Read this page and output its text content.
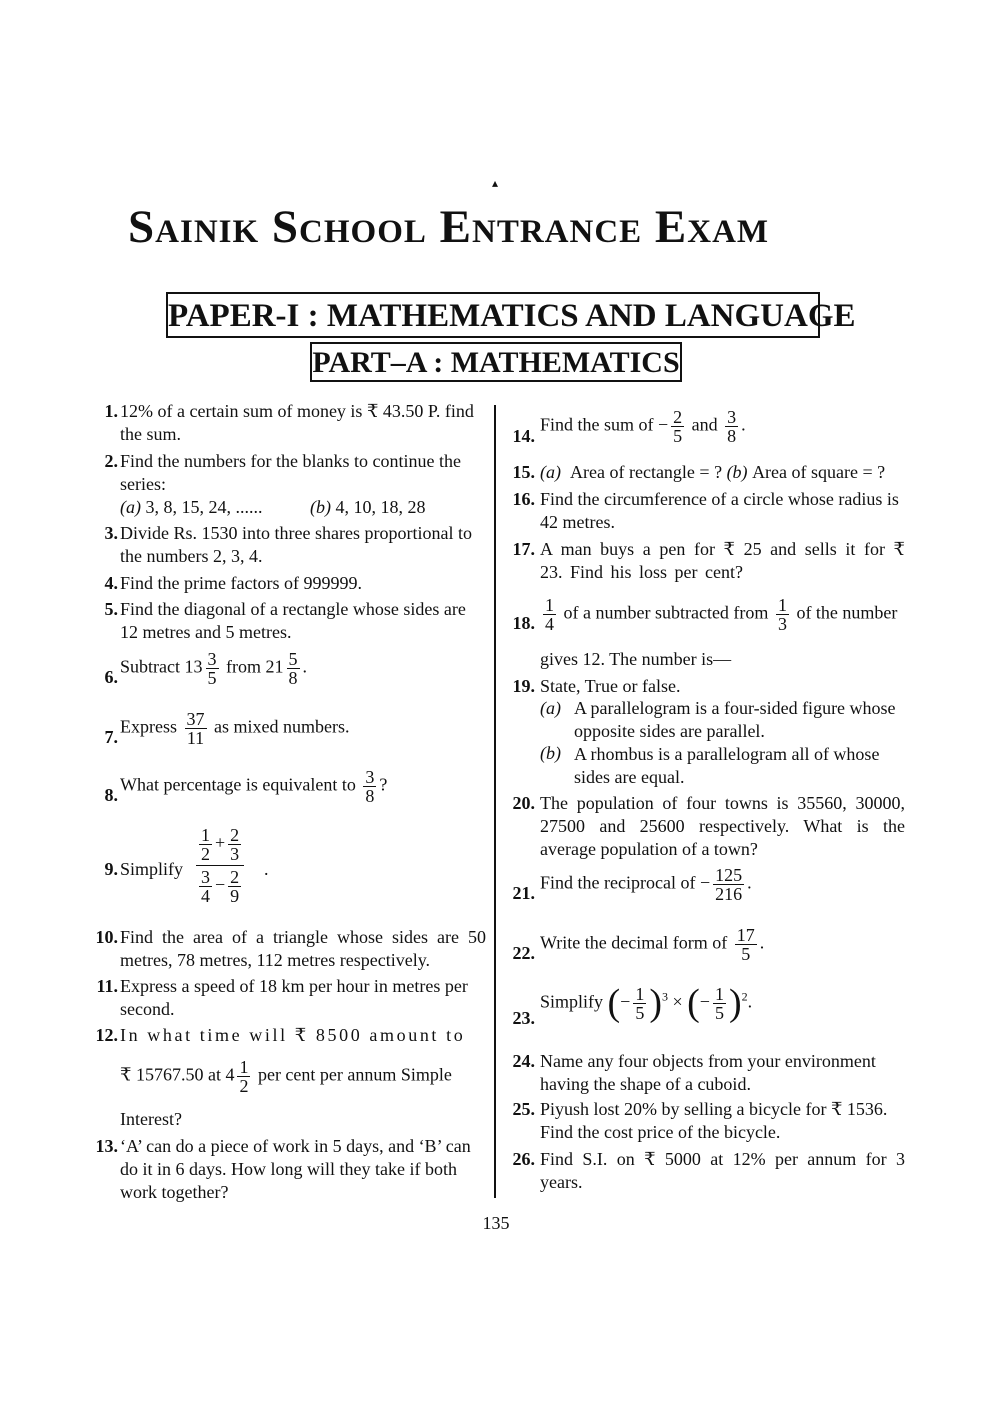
▴
Sainik School Entrance Exam
PAPER-I : MATHEMATICS AND LANGUAGE
PART–A : MATHEMATICS
1. 12% of a certain sum of money is ₹ 43.50 P. find the sum.
2. Find the numbers for the blanks to continue the series:
(a) 3, 8, 15, 24, ......	(b) 4, 10, 18, 28
3. Divide Rs. 1530 into three shares proportional to the numbers 2, 3, 4.
4. Find the prime factors of 999999.
5. Find the diagonal of a rectangle whose sides are 12 metres and 5 metres.
6.
Subtract $13 \frac{3}{5}$ from $21 \frac{5}{8}$ .
7.
Express $\frac{37}{11}$ as mixed numbers.
8.
What percentage is equivalent to $\frac{3}{8}$ ?
9. Simplify
$\frac{1}{2} + \frac{2}{3}$
$\frac{3}{4} - \frac{2}{9}$ .
10. Find the area of a triangle whose sides are 50 metres, 78 metres, 112 metres respectively.
11. Express a speed of 18 km per hour in metres per second.
12. In what time will ₹ 8500 amount to
₹ 15767.50 at $4 \frac{1}{2}$ per cent per annum Simple
Interest?
13. ‘A’ can do a piece of work in 5 days, and ‘B’ can do it in 6 days. How long will they take if both work together?
14.
Find the sum of − $\frac{2}{5}$ and $\frac{3}{8}$ .
15. (a) Area of rectangle = ? (b) Area of square = ?
16. Find the circumference of a circle whose radius is 42 metres.
17. A man buys a pen for ₹ 25 and sells it for ₹ 23. Find his loss per cent?
18. $\frac{1}{4}$ of a number subtracted from $\frac{1}{3}$ of the number
gives 12. The number is—
19. State, True or false.
(a) A parallelogram is a four-sided figure whose opposite sides are parallel.
(b) A rhombus is a parallelogram all of whose sides are equal.
20. The population of four towns is 35560, 30000, 27500 and 25600 respectively. What is the average population of a town?
21.
Find the reciprocal of − $\frac{125}{216}$ .
22.
Write the decimal form of $\frac{17}{5}$ .
23.
Simplify (− $\frac{1}{5} )^3$ × (− $\frac{1}{5} )^2$.
24. Name any four objects from your environment having the shape of a cuboid.
25. Piyush lost 20% by selling a bicycle for ₹ 1536. Find the cost price of the bicycle.
26. Find S.I. on ₹ 5000 at 12% per annum for 3 years.
135
